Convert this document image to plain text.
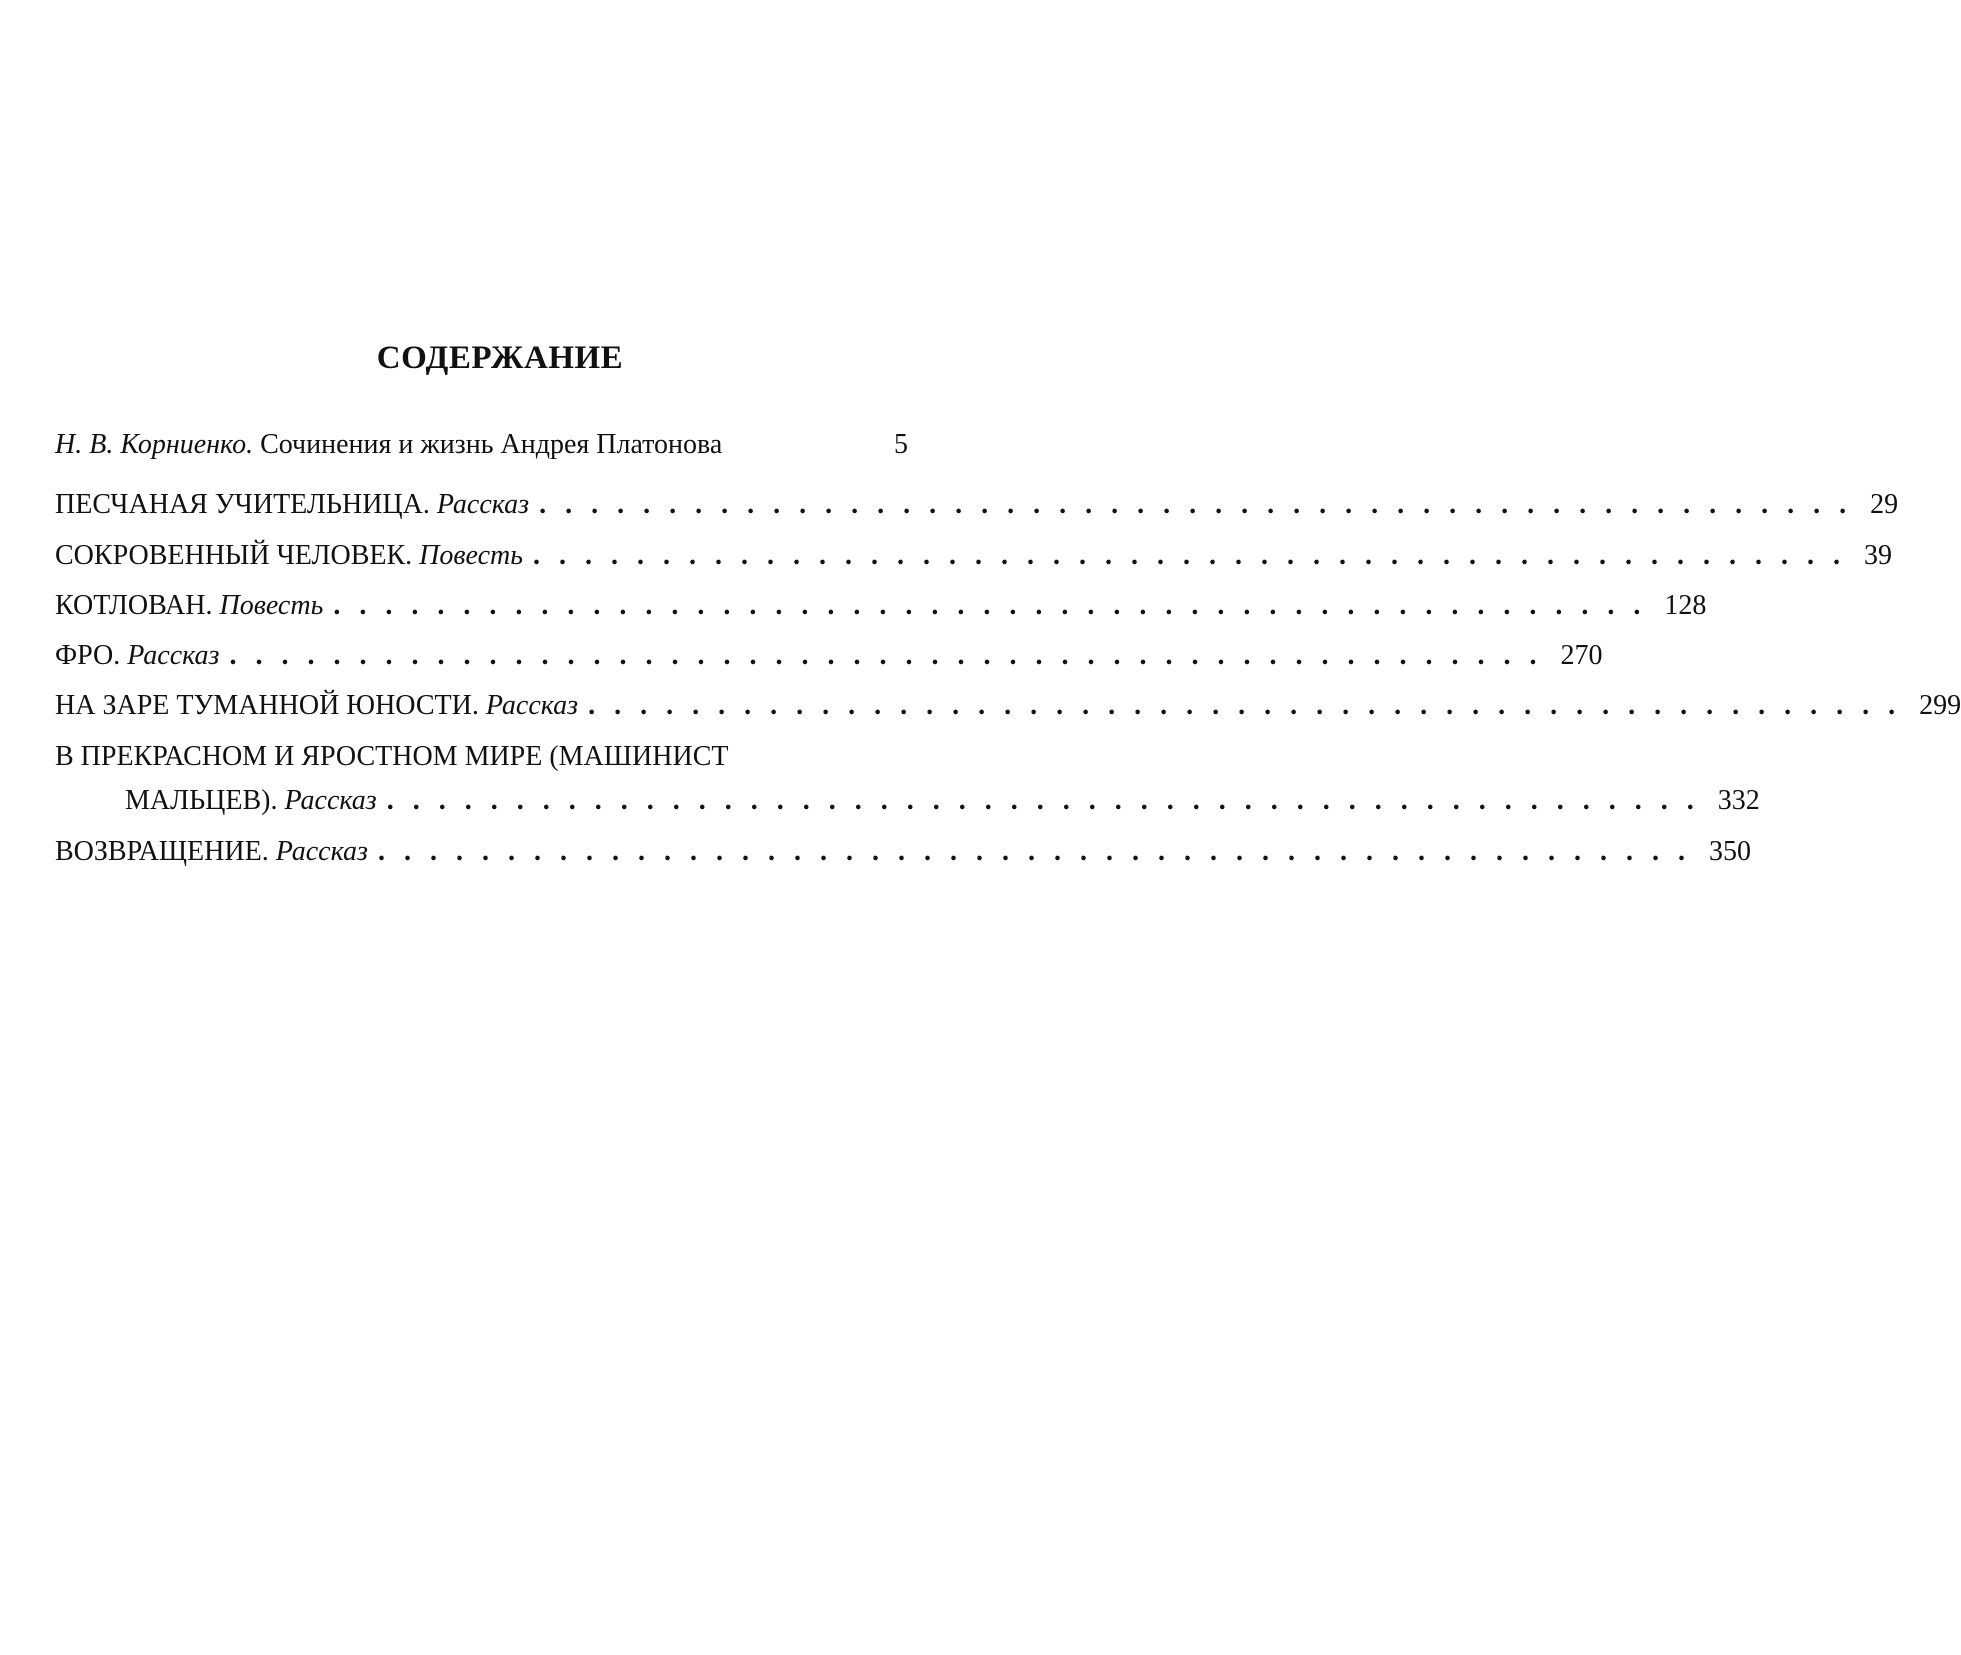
СОДЕРЖАНИЕ
Н. В. Корниенко. Сочинения и жизнь Андрея Платонова	5
ПЕСЧАНАЯ УЧИТЕЛЬНИЦА. Рассказ . . . . . . . . . . . . . . . . . . . . . . . . . . . . . . . . . . . . . . . . . . . . . . . . . . . 29
СОКРОВЕННЫЙ ЧЕЛОВЕК. Повесть . . . . . . . . . . . . . . . . . . . . . . . . . . . . . . . . . . . . . . . . . . . . . . . . . . . 39
КОТЛОВАН. Повесть . . . . . . . . . . . . . . . . . . . . . . . . . . . . . . . . . . . . . . . . . . . . . . . . . . . 128
ФРО. Рассказ . . . . . . . . . . . . . . . . . . . . . . . . . . . . . . . . . . . . . . . . . . . . . . . . . . . 270
НА ЗАРЕ ТУМАННОЙ ЮНОСТИ. Рассказ . . . . . . . . . . . . . . . . . . . . . . . . . . . . . . . . . . . . . . . . . . . . . . . . . . . 299
В ПРЕКРАСНОМ И ЯРОСТНОМ МИРЕ (МАШИНИСТ
МАЛЬЦЕВ). Рассказ . . . . . . . . . . . . . . . . . . . . . . . . . . . . . . . . . . . . . . . . . . . . . . . . . . . 332
ВОЗВРАЩЕНИЕ. Рассказ . . . . . . . . . . . . . . . . . . . . . . . . . . . . . . . . . . . . . . . . . . . . . . . . . . . 350
